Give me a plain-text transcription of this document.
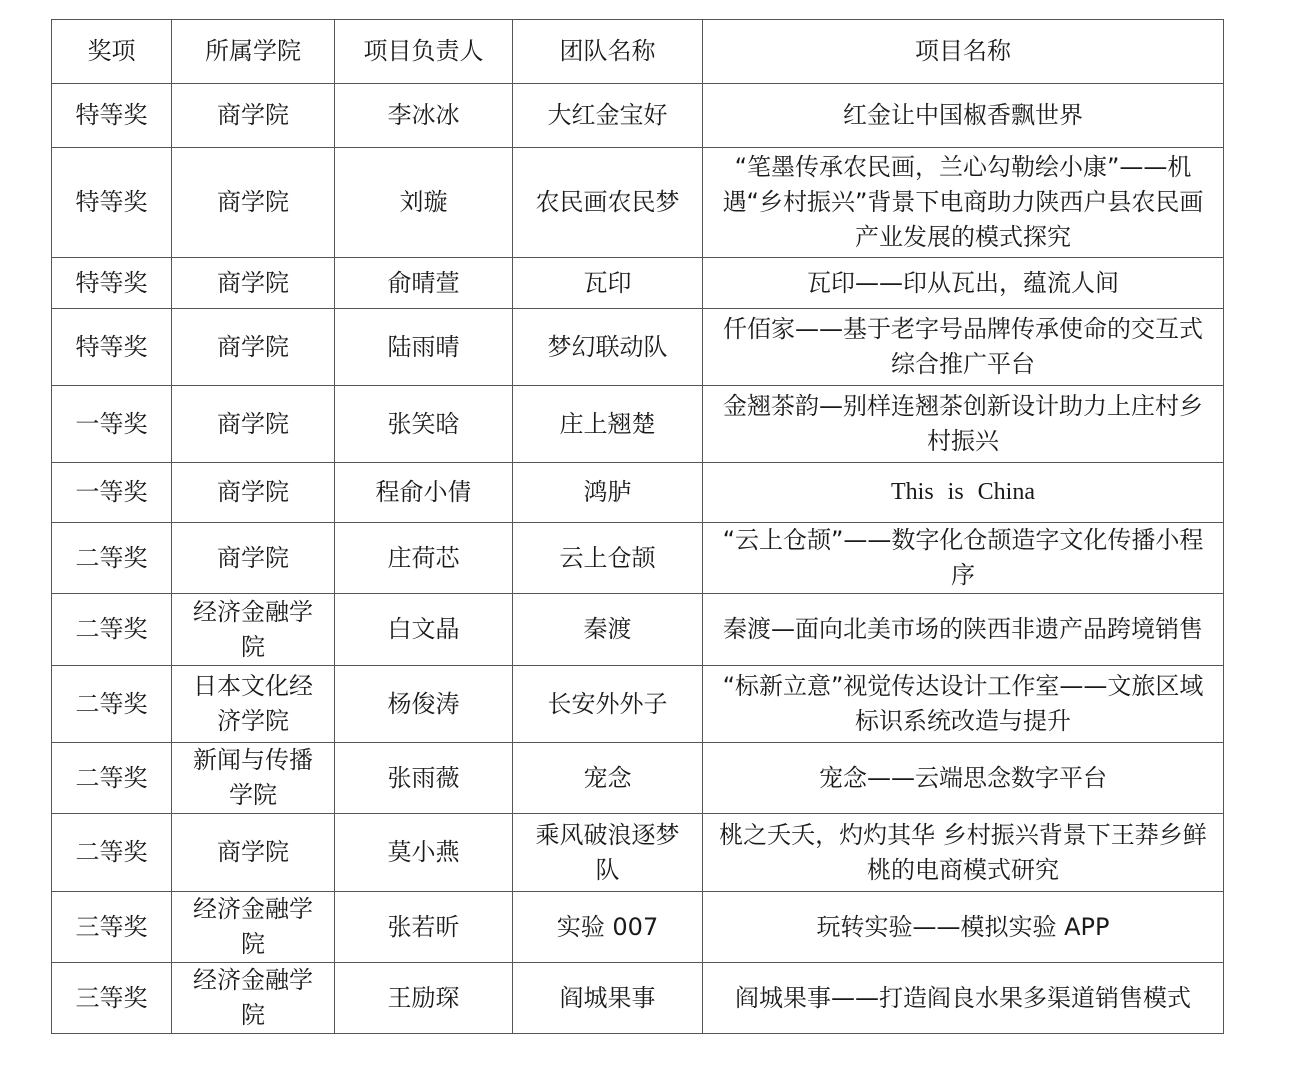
奖项	所属学院	项目负责人	团队名称	项目名称
特等奖	商学院	李冰冰	大红金宝好	红金让中国椒香飘世界
特等奖	商学院	刘璇	农民画农民梦	“笔墨传承农民画，兰心勾勒绘小康”——机遇“乡村振兴”背景下电商助力陕西户县农民画产业发展的模式探究
特等奖	商学院	俞晴萱	瓦印	瓦印——印从瓦出，蕴流人间
特等奖	商学院	陆雨晴	梦幻联动队	仟佰家——基于老字号品牌传承使命的交互式综合推广平台
一等奖	商学院	张笑晗	庄上翘楚	金翘茶韵—别样连翘茶创新设计助力上庄村乡村振兴
一等奖	商学院	程俞小倩	鸿胪	This is China
二等奖	商学院	庄荷芯	云上仓颉	“云上仓颉”——数字化仓颉造字文化传播小程序
二等奖	经济金融学院	白文晶	秦渡	秦渡—面向北美市场的陕西非遗产品跨境销售
二等奖	日本文化经济学院	杨俊涛	长安外外子	“标新立意”视觉传达设计工作室——文旅区域标识系统改造与提升
二等奖	新闻与传播学院	张雨薇	宠念	宠念——云端思念数字平台
二等奖	商学院	莫小燕	乘风破浪逐梦队	桃之夭夭，灼灼其华 乡村振兴背景下王莽乡鲜桃的电商模式研究
三等奖	经济金融学院	张若昕	实验 007	玩转实验——模拟实验 APP
三等奖	经济金融学院	王励琛	阎城果事	阎城果事——打造阎良水果多渠道销售模式
